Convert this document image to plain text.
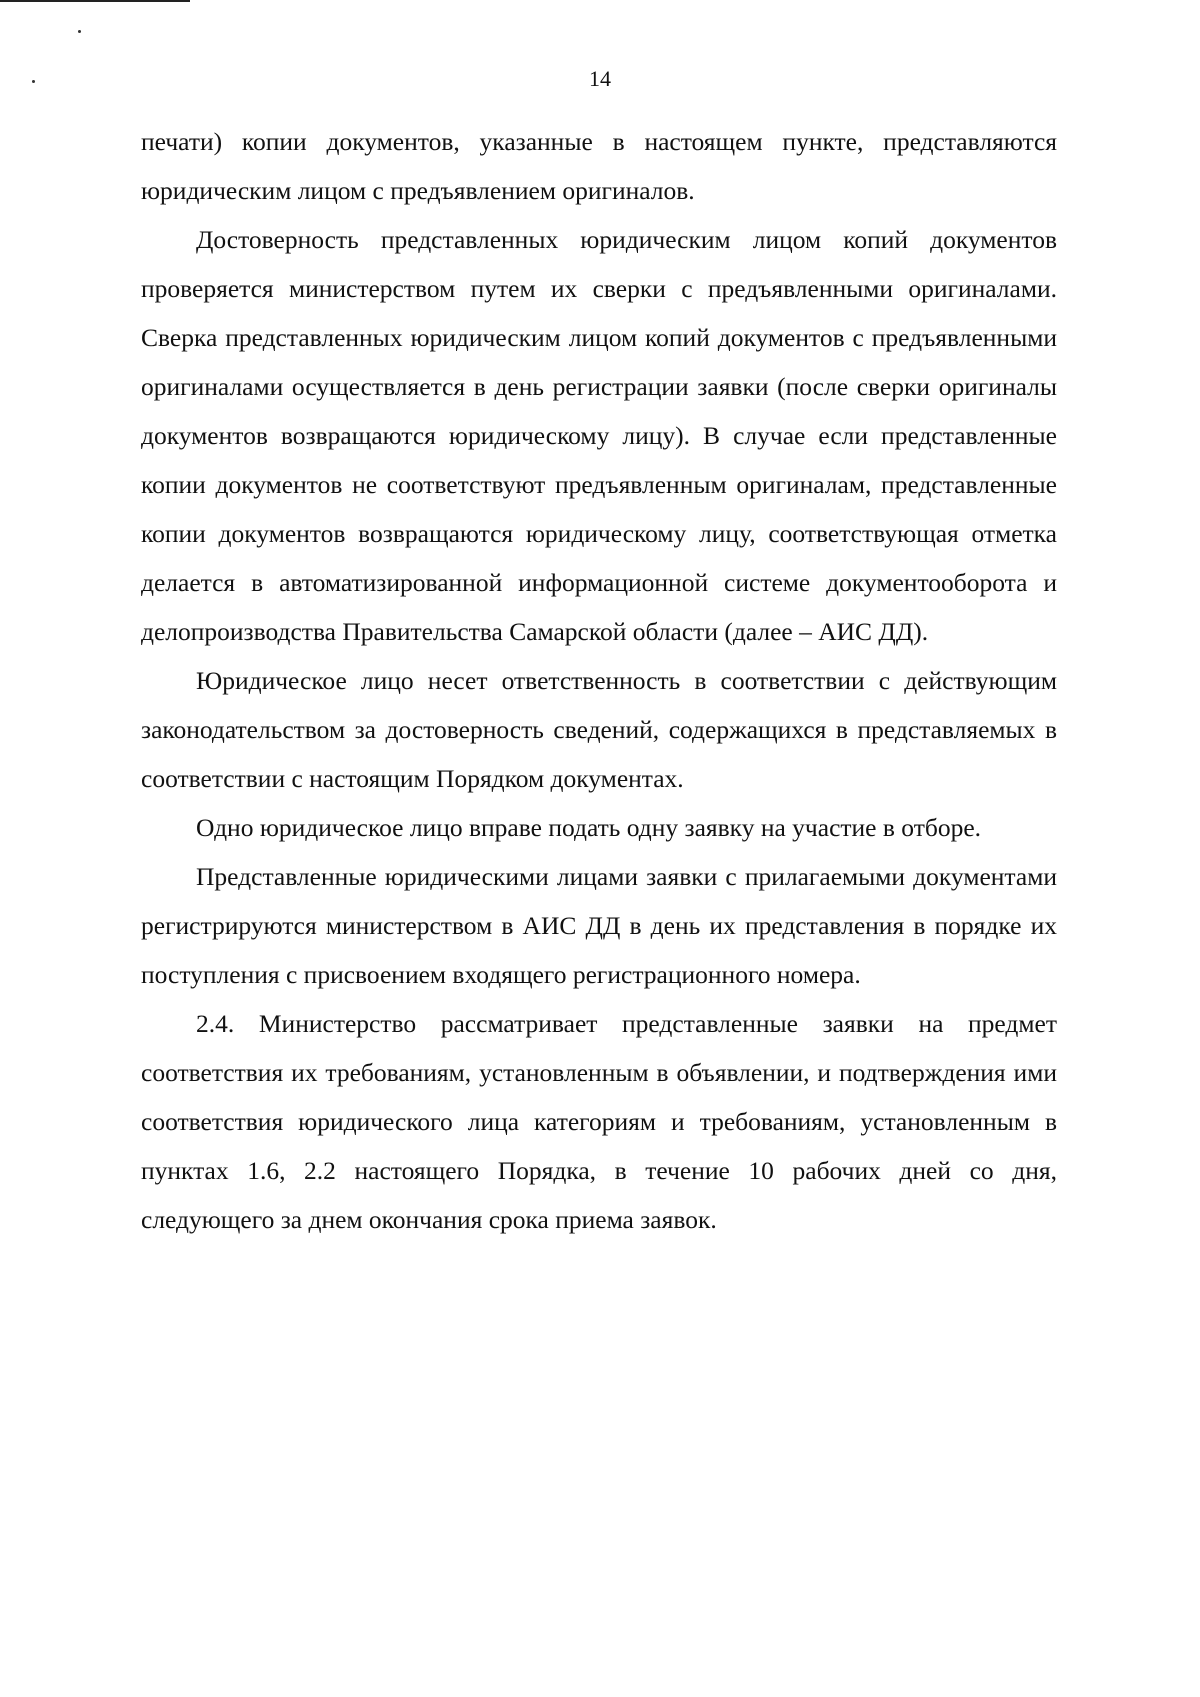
14

печати) копии документов, указанные в настоящем пункте, представляются юридическим лицом с предъявлением оригиналов.

Достоверность представленных юридическим лицом копий документов проверяется министерством путем их сверки с предъявленными оригиналами. Сверка представленных юридическим лицом копий документов с предъявленными оригиналами осуществляется в день регистрации заявки (после сверки оригиналы документов возвращаются юридическому лицу). В случае если представленные копии документов не соответствуют предъявленным оригиналам, представленные копии документов возвращаются юридическому лицу, соответствующая отметка делается в автоматизированной информационной системе документооборота и делопроизводства Правительства Самарской области (далее – АИС ДД).

Юридическое лицо несет ответственность в соответствии с действующим законодательством за достоверность сведений, содержащихся в представляемых в соответствии с настоящим Порядком документах.

Одно юридическое лицо вправе подать одну заявку на участие в отборе.

Представленные юридическими лицами заявки с прилагаемыми документами регистрируются министерством в АИС ДД в день их представления в порядке их поступления с присвоением входящего регистрационного номера.

2.4. Министерство рассматривает представленные заявки на предмет соответствия их требованиям, установленным в объявлении, и подтверждения ими соответствия юридического лица категориям и требованиям, установленным в пунктах 1.6, 2.2 настоящего Порядка, в течение 10 рабочих дней со дня, следующего за днем окончания срока приема заявок.
